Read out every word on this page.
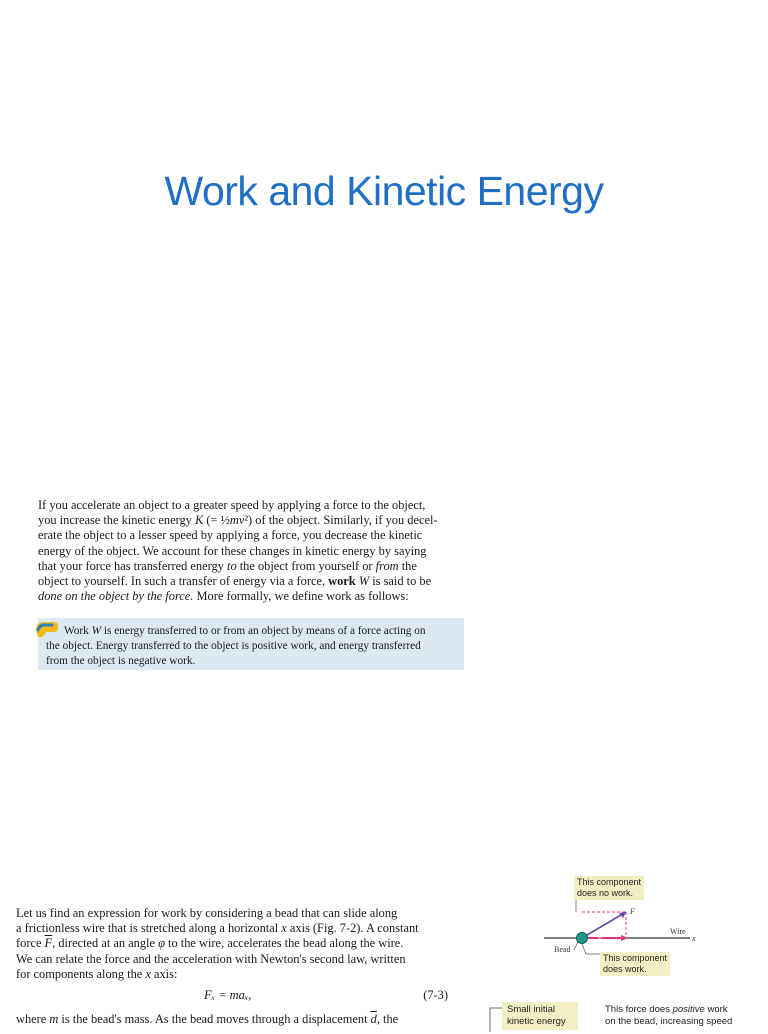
Work and Kinetic Energy
If you accelerate an object to a greater speed by applying a force to the object,
you increase the kinetic energy K (= ½mv²) of the object. Similarly, if you decel-
erate the object to a lesser speed by applying a force, you decrease the kinetic
energy of the object. We account for these changes in kinetic energy by saying
that your force has transferred energy to the object from yourself or from the
object to yourself. In such a transfer of energy via a force, work W is said to be
done on the object by the force. More formally, we define work as follows:
Work W is energy transferred to or from an object by means of a force acting on
the object. Energy transferred to the object is positive work, and energy transferred
from the object is negative work.
Let us find an expression for work by considering a bead that can slide along
a frictionless wire that is stretched along a horizontal x axis (Fig. 7-2). A constant
force $\overline{F}$, directed at an angle φ to the wire, accelerates the bead along the wire.
We can relate the force and the acceleration with Newton's second law, written
for components along the x axis:
Fₓ = maₓ,	(7-3)
where m is the bead's mass. As the bead moves through a displacement $\overline{d}$, the
This component
does no work.
F
φ	Wire
x
Bead
This component
does work.
Small initial
kinetic energy
This force does positive work
on the bead, increasing speed
